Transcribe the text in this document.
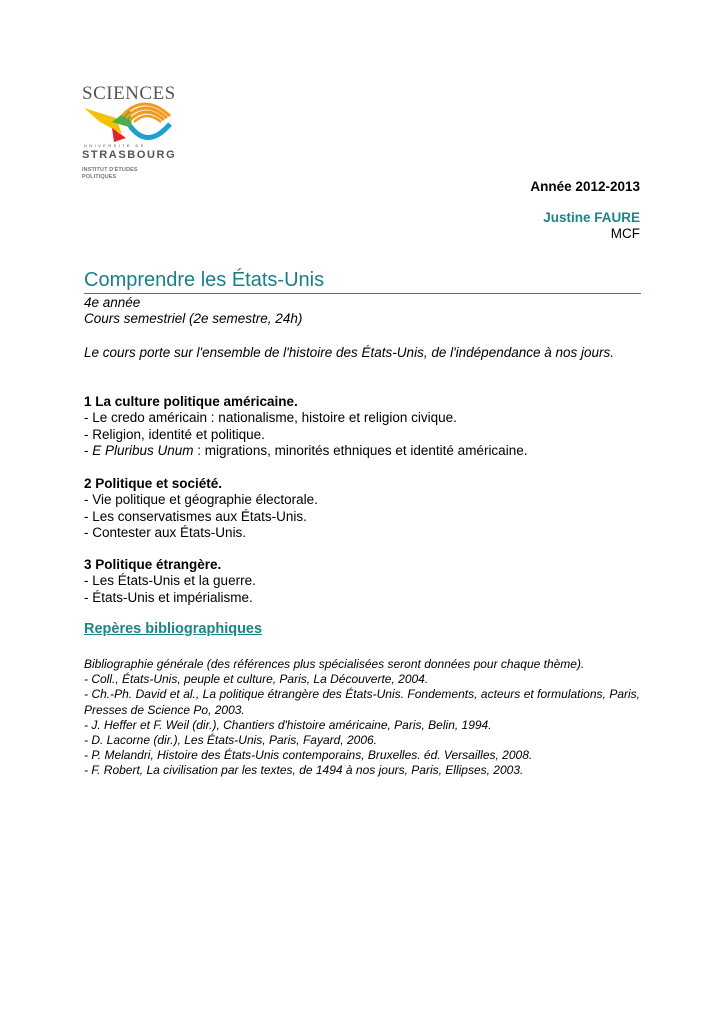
SCIENCES
UNIVERSITÉ DE
STRASBOURG
INSTITUT D'ÉTUDES POLITIQUES
Année 2012-2013
Justine FAURE
MCF
Comprendre les États-Unis
4e année
Cours semestriel (2e semestre, 24h)
Le cours porte sur l'ensemble de l'histoire des États-Unis, de l'indépendance à nos jours.
1 La culture politique américaine.
- Le credo américain : nationalisme, histoire et religion civique.
- Religion, identité et politique.
- E Pluribus Unum : migrations, minorités ethniques et identité américaine.
2 Politique et société.
- Vie politique et géographie électorale.
- Les conservatismes aux États-Unis.
- Contester aux États-Unis.
3 Politique étrangère.
- Les États-Unis et la guerre.
- États-Unis et impérialisme.
Repères bibliographiques
Bibliographie générale (des références plus spécialisées seront données pour chaque thème).
- Coll., États-Unis, peuple et culture, Paris, La Découverte, 2004.
- Ch.-Ph. David et al., La politique étrangère des États-Unis. Fondements, acteurs et formulations, Paris, Presses de Science Po, 2003.
- J. Heffer et F. Weil (dir.), Chantiers d'histoire américaine, Paris, Belin, 1994.
- D. Lacorne (dir.), Les États-Unis, Paris, Fayard, 2006.
- P. Melandri, Histoire des États-Unis contemporains, Bruxelles. éd. Versailles, 2008.
- F. Robert, La civilisation par les textes, de 1494 à nos jours, Paris, Ellipses, 2003.
